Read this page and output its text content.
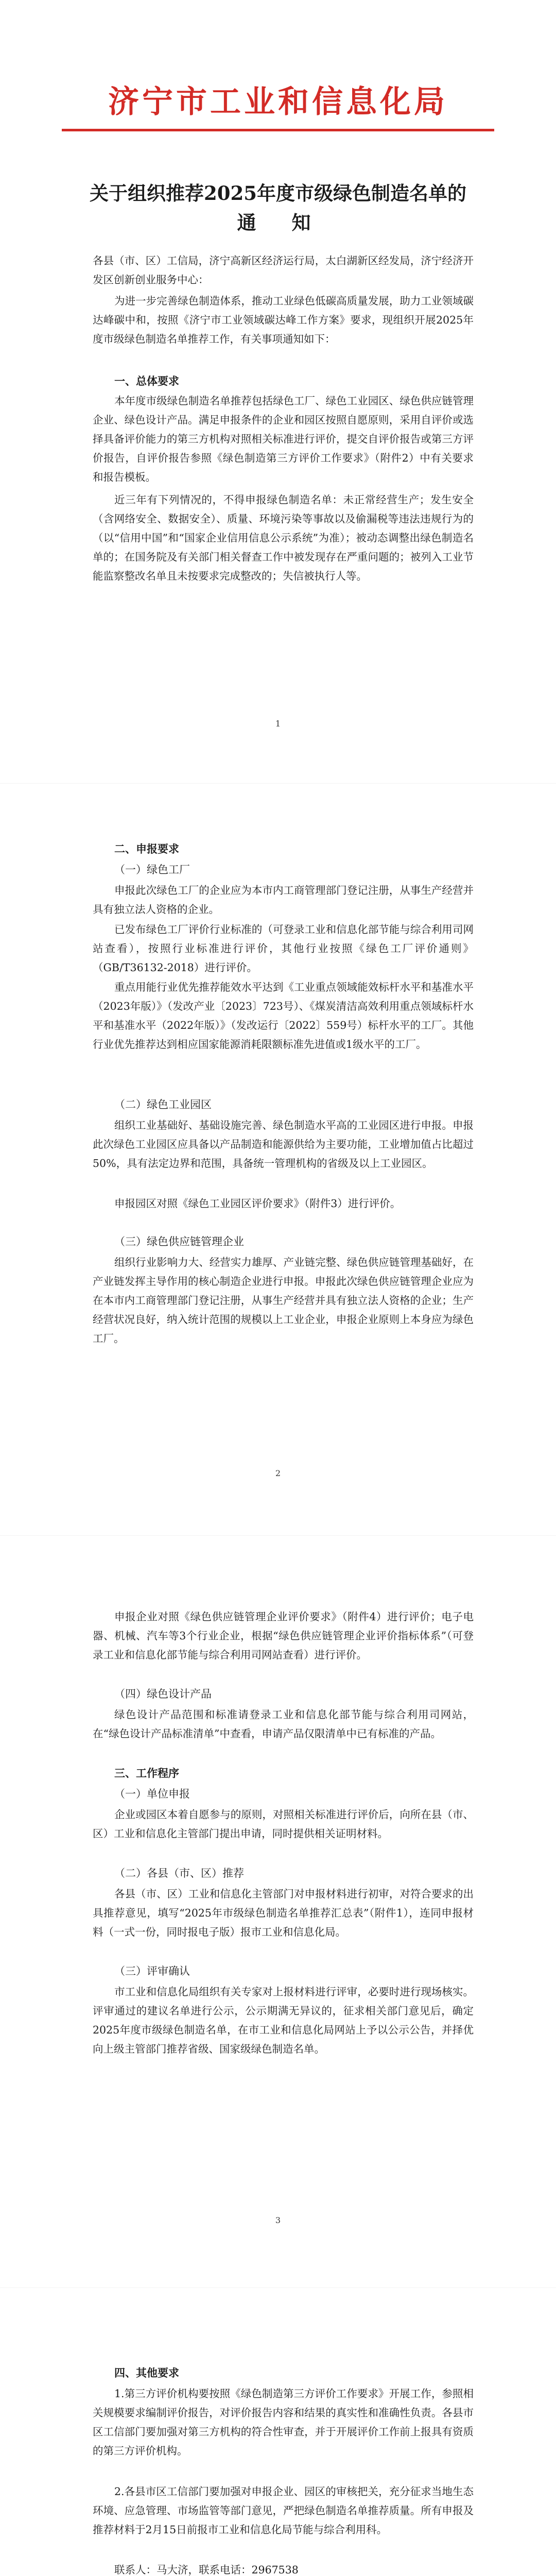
济宁市工业和信息化局
关于组织推荐2025年度市级绿色制造名单的
通　知

各县（市、区）工信局，济宁高新区经济运行局，太白湖新区经发局，济宁经济开发区创新创业服务中心：

为进一步完善绿色制造体系，推动工业绿色低碳高质量发展，助力工业领域碳达峰碳中和，按照《济宁市工业领域碳达峰工作方案》要求，现组织开展2025年度市级绿色制造名单推荐工作，有关事项通知如下：

一、总体要求

本年度市级绿色制造名单推荐包括绿色工厂、绿色工业园区、绿色供应链管理企业、绿色设计产品。满足申报条件的企业和园区按照自愿原则，采用自评价或选择具备评价能力的第三方机构对照相关标准进行评价，提交自评价报告或第三方评价报告，自评价报告参照《绿色制造第三方评价工作要求》（附件2）中有关要求和报告模板。

近三年有下列情况的，不得申报绿色制造名单：未正常经营生产；发生安全（含网络安全、数据安全）、质量、环境污染等事故以及偷漏税等违法违规行为的（以“信用中国”和“国家企业信用信息公示系统”为准）；被动态调整出绿色制造名单的；在国务院及有关部门相关督查工作中被发现存在严重问题的；被列入工业节能监察整改名单且未按要求完成整改的；失信被执行人等。

1
二、申报要求
（一）绿色工厂

申报此次绿色工厂的企业应为本市内工商管理部门登记注册，从事生产经营并具有独立法人资格的企业。

已发布绿色工厂评价行业标准的（可登录工业和信息化部节能与综合利用司网站查看），按照行业标准进行评价，其他行业按照《绿色工厂评价通则》（GB/T36132-2018）进行评价。

重点用能行业优先推荐能效水平达到《工业重点领域能效标杆水平和基准水平（2023年版）》（发改产业〔2023〕723号）、《煤炭清洁高效利用重点领域标杆水平和基准水平（2022年版）》（发改运行〔2022〕559号）标杆水平的工厂。其他行业优先推荐达到相应国家能源消耗限额标准先进值或1级水平的工厂。

（二）绿色工业园区

组织工业基础好、基础设施完善、绿色制造水平高的工业园区进行申报。申报此次绿色工业园区应具备以产品制造和能源供给为主要功能，工业增加值占比超过50%，具有法定边界和范围，具备统一管理机构的省级及以上工业园区。

申报园区对照《绿色工业园区评价要求》（附件3）进行评价。

（三）绿色供应链管理企业

组织行业影响力大、经营实力雄厚、产业链完整、绿色供应链管理基础好，在产业链发挥主导作用的核心制造企业进行申报。申报此次绿色供应链管理企业应为在本市内工商管理部门登记注册，从事生产经营并具有独立法人资格的企业；生产经营状况良好，纳入统计范围的规模以上工业企业，申报企业原则上本身应为绿色工厂。

2

申报企业对照《绿色供应链管理企业评价要求》（附件4）进行评价；电子电器、机械、汽车等3个行业企业，根据“绿色供应链管理企业评价指标体系”（可登录工业和信息化部节能与综合利用司网站查看）进行评价。

（四）绿色设计产品

绿色设计产品范围和标准请登录工业和信息化部节能与综合利用司网站，在“绿色设计产品标准清单”中查看，申请产品仅限清单中已有标准的产品。

三、工作程序
（一）单位申报

企业或园区本着自愿参与的原则，对照相关标准进行评价后，向所在县（市、区）工业和信息化主管部门提出申请，同时提供相关证明材料。

（二）各县（市、区）推荐

各县（市、区）工业和信息化主管部门对申报材料进行初审，对符合要求的出具推荐意见，填写“2025年市级绿色制造名单推荐汇总表”（附件1），连同申报材料（一式一份，同时报电子版）报市工业和信息化局。

（三）评审确认

市工业和信息化局组织有关专家对上报材料进行评审，必要时进行现场核实。评审通过的建议名单进行公示，公示期满无异议的，征求相关部门意见后，确定2025年度市级绿色制造名单，在市工业和信息化局网站上予以公示公告，并择优向上级主管部门推荐省级、国家级绿色制造名单。

3
四、其他要求

1.第三方评价机构要按照《绿色制造第三方评价工作要求》开展工作，参照相关规模要求编制评价报告，对评价报告内容和结果的真实性和准确性负责。各县市区工信部门要加强对第三方机构的符合性审查，并于开展评价工作前上报具有资质的第三方评价机构。

2.各县市区工信部门要加强对申报企业、园区的审核把关，充分征求当地生态环境、应急管理、市场监管等部门意见，严把绿色制造名单推荐质量。所有申报及推荐材料于2月15日前报市工业和信息化局节能与综合利用科。

联系人：马大济，联系电话：2967538
